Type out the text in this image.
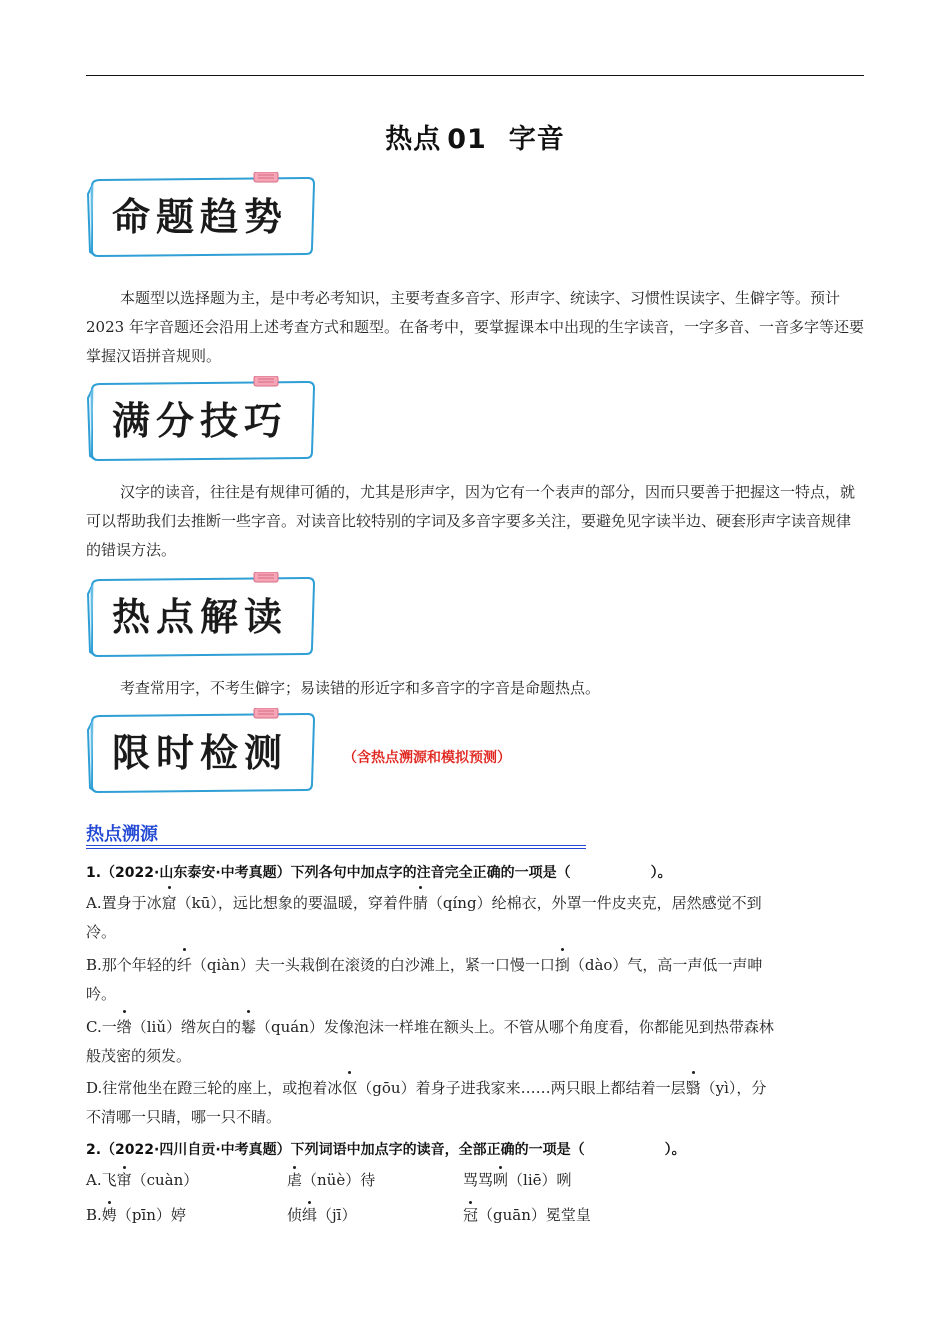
热点 01 字音
命题趋势
本题型以选择题为主，是中考必考知识，主要考查多音字、形声字、统读字、习惯性误读字、生僻字等。预计 2023 年字音题还会沿用上述考查方式和题型。在备考中，要掌握课本中出现的生字读音，一字多音、一音多字等还要掌握汉语拼音规则。
满分技巧
汉字的读音，往往是有规律可循的，尤其是形声字，因为它有一个表声的部分，因而只要善于把握这一特点，就可以帮助我们去推断一些字音。对读音比较特别的字词及多音字要多关注，要避免见字读半边、硬套形声字读音规律的错误方法。
热点解读
考查常用字，不考生僻字；易读错的形近字和多音字的字音是命题热点。
限时检测	（含热点溯源和模拟预测）
热点溯源
1.（2022·山东泰安·中考真题）下列各句中加点字的注音完全正确的一项是（	）。
A.置身于冰窟（kū），远比想象的要温暖，穿着件腈（qíng）纶棉衣，外罩一件皮夹克，居然感觉不到
冷。
B.那个年轻的纤（qiàn）夫一头栽倒在滚烫的白沙滩上，紧一口慢一口捯（dào）气，高一声低一声呻
吟。
C.一绺（liǔ）绺灰白的鬈（quán）发像泡沫一样堆在额头上。不管从哪个角度看，你都能见到热带森林
般茂密的须发。
D.往常他坐在蹬三轮的座上，或抱着冰伛（gōu）着身子进我家来……两只眼上都结着一层翳（yì），分
不清哪一只睛，哪一只不睛。
2.（2022·四川自贡·中考真题）下列词语中加点字的读音，全部正确的一项是（	）。
A.飞窜（cuàn）	虐（nüè）待	骂骂咧（liē）咧
B.娉（pīn）婷	侦缉（jī）	冠（guān）冕堂皇
